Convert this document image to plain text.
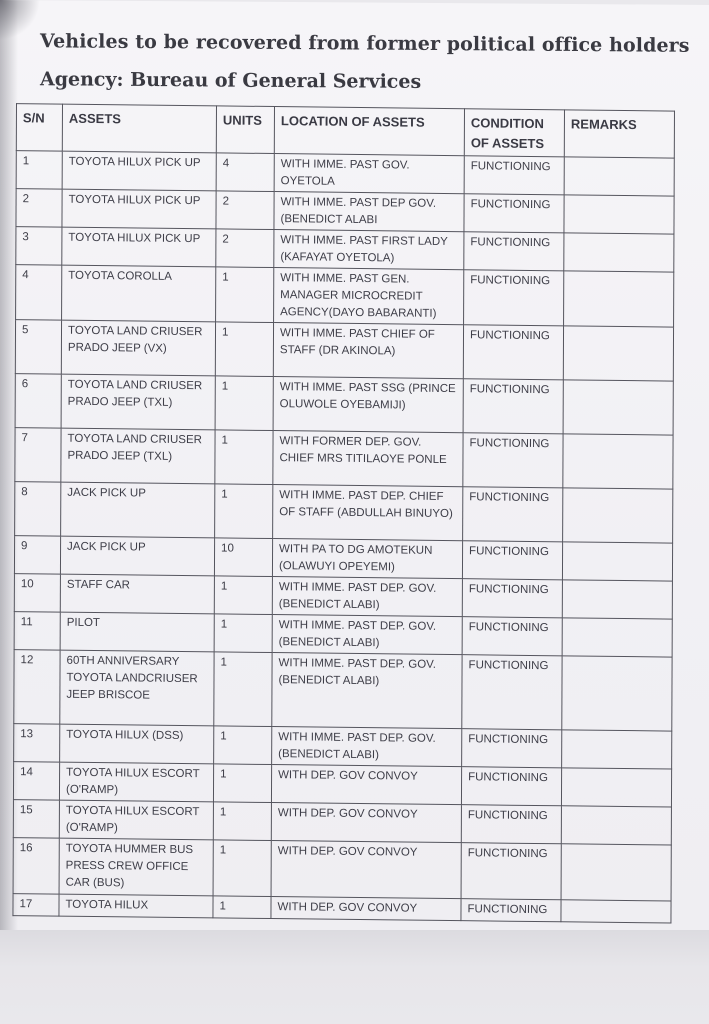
Vehicles to be recovered from former political office holders
Agency: Bureau of General Services
S/N	ASSETS	UNITS	LOCATION OF ASSETS	CONDITION OF ASSETS	REMARKS
1	TOYOTA HILUX PICK UP	4	WITH IMME. PAST GOV. OYETOLA	FUNCTIONING	
2	TOYOTA HILUX PICK UP	2	WITH IMME. PAST DEP GOV. (BENEDICT ALABI	FUNCTIONING	
3	TOYOTA HILUX PICK UP	2	WITH IMME. PAST FIRST LADY (KAFAYAT OYETOLA)	FUNCTIONING	
4	TOYOTA COROLLA	1	WITH IMME. PAST GEN. MANAGER MICROCREDIT AGENCY(DAYO BABARANTI)	FUNCTIONING	
5	TOYOTA LAND CRIUSER PRADO JEEP (VX)	1	WITH IMME. PAST CHIEF OF STAFF (DR AKINOLA)	FUNCTIONING	
6	TOYOTA LAND CRIUSER PRADO JEEP (TXL)	1	WITH IMME. PAST SSG (PRINCE OLUWOLE OYEBAMIJI)	FUNCTIONING	
7	TOYOTA LAND CRIUSER PRADO JEEP (TXL)	1	WITH FORMER DEP. GOV. CHIEF MRS TITILAOYE PONLE	FUNCTIONING	
8	JACK PICK UP	1	WITH IMME. PAST DEP. CHIEF OF STAFF (ABDULLAH BINUYO)	FUNCTIONING	
9	JACK PICK UP	10	WITH PA TO DG AMOTEKUN (OLAWUYI OPEYEMI)	FUNCTIONING	
10	STAFF CAR	1	WITH IMME. PAST DEP. GOV. (BENEDICT ALABI)	FUNCTIONING	
11	PILOT	1	WITH IMME. PAST DEP. GOV. (BENEDICT ALABI)	FUNCTIONING	
12	60TH ANNIVERSARY TOYOTA LANDCRIUSER JEEP BRISCOE	1	WITH IMME. PAST DEP. GOV. (BENEDICT ALABI)	FUNCTIONING	
13	TOYOTA HILUX (DSS)	1	WITH IMME. PAST DEP. GOV. (BENEDICT ALABI)	FUNCTIONING	
14	TOYOTA HILUX ESCORT (O'RAMP)	1	WITH DEP. GOV CONVOY	FUNCTIONING	
15	TOYOTA HILUX ESCORT (O'RAMP)	1	WITH DEP. GOV CONVOY	FUNCTIONING	
16	TOYOTA HUMMER BUS PRESS CREW OFFICE CAR (BUS)	1	WITH DEP. GOV CONVOY	FUNCTIONING	
17	TOYOTA HILUX	1	WITH DEP. GOV CONVOY	FUNCTIONING	
